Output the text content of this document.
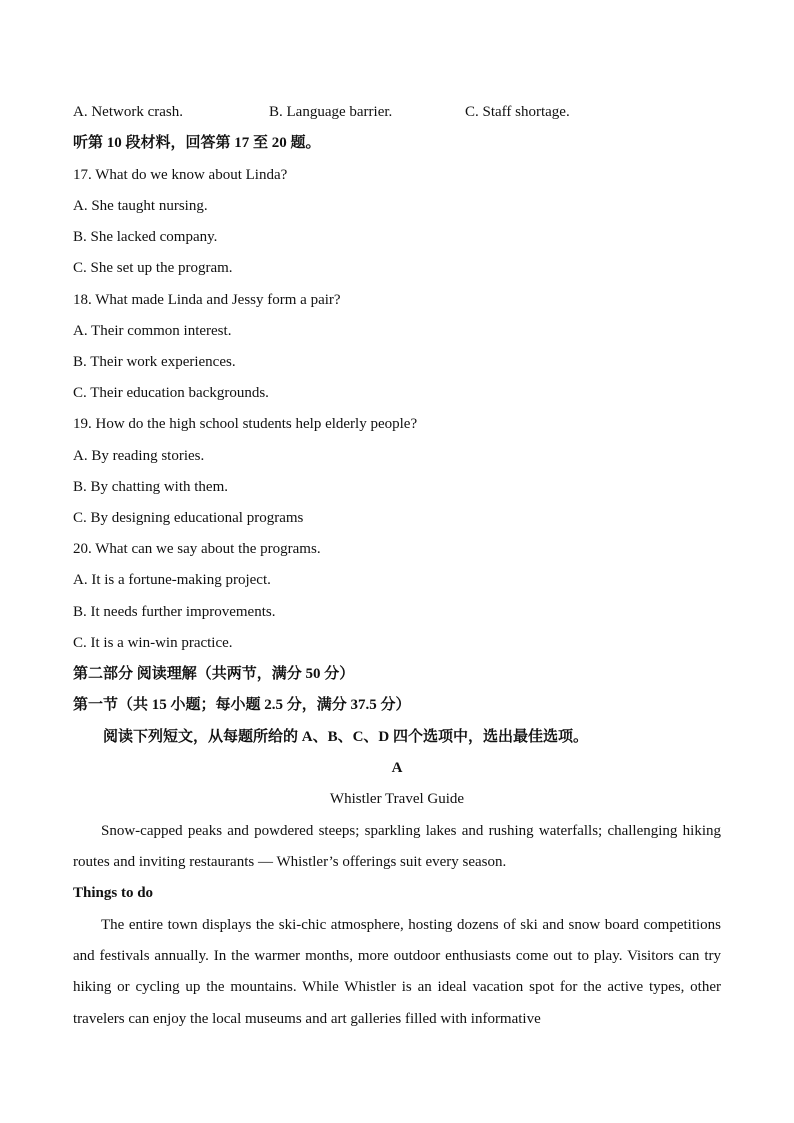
A. Network crash.	B. Language barrier.	C. Staff shortage.
听第 10 段材料，回答第 17 至 20 题。
17. What do we know about Linda?
A. She taught nursing.
B. She lacked company.
C. She set up the program.
18. What made Linda and Jessy form a pair?
A. Their common interest.
B. Their work experiences.
C. Their education backgrounds.
19. How do the high school students help elderly people?
A. By reading stories.
B. By chatting with them.
C. By designing educational programs
20. What can we say about the programs.
A. It is a fortune-making project.
B. It needs further improvements.
C. It is a win-win practice.
第二部分 阅读理解（共两节，满分 50 分）
第一节（共 15 小题；每小题 2.5 分，满分 37.5 分）
阅读下列短文，从每题所给的 A、B、C、D 四个选项中，选出最佳选项。
A
Whistler Travel Guide
Snow-capped peaks and powdered steeps; sparkling lakes and rushing waterfalls; challenging hiking routes and inviting restaurants — Whistler’s offerings suit every season.
Things to do
The entire town displays the ski-chic atmosphere, hosting dozens of ski and snow board competitions and festivals annually. In the warmer months, more outdoor enthusiasts come out to play. Visitors can try hiking or cycling up the mountains. While Whistler is an ideal vacation spot for the active types, other travelers can enjoy the local museums and art galleries filled with informative
